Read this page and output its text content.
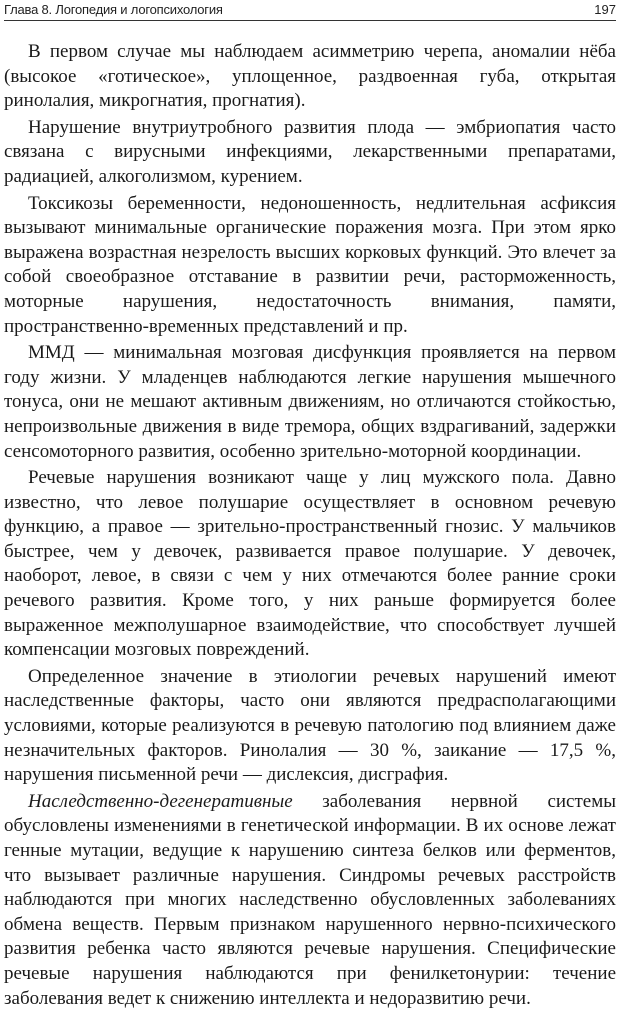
Глава 8. Логопедия и логопсихология	197

В первом случае мы наблюдаем асимметрию черепа, аномалии нёба (высокое «готическое», уплощенное, раздвоенная губа, открытая ринолалия, микрогнатия, прогнатия).

Нарушение внутриутробного развития плода — эмбриопатия часто связана с вирусными инфекциями, лекарственными препаратами, радиацией, алкоголизмом, курением.

Токсикозы беременности, недоношенность, недлительная асфиксия вызывают минимальные органические поражения мозга. При этом ярко выражена возрастная незрелость высших корковых функций. Это влечет за собой своеобразное отставание в развитии речи, расторможенность, моторные нарушения, недостаточность внимания, памяти, пространственно-временных представлений и пр.

ММД — минимальная мозговая дисфункция проявляется на первом году жизни. У младенцев наблюдаются легкие нарушения мышечного тонуса, они не мешают активным движениям, но отличаются стойкостью, непроизвольные движения в виде тремора, общих вздрагиваний, задержки сенсомоторного развития, особенно зрительно-моторной координации.

Речевые нарушения возникают чаще у лиц мужского пола. Давно известно, что левое полушарие осуществляет в основном речевую функцию, а правое — зрительно-пространственный гнозис. У мальчиков быстрее, чем у девочек, развивается правое полушарие. У девочек, наоборот, левое, в связи с чем у них отмечаются более ранние сроки речевого развития. Кроме того, у них раньше формируется более выраженное межполушарное взаимодействие, что способствует лучшей компенсации мозговых повреждений.

Определенное значение в этиологии речевых нарушений имеют наследственные факторы, часто они являются предрасполагающими условиями, которые реализуются в речевую патологию под влиянием даже незначительных факторов. Ринолалия — 30 %, заикание — 17,5 %, нарушения письменной речи — дислексия, дисграфия.

Наследственно-дегенеративные заболевания нервной системы обусловлены изменениями в генетической информации. В их основе лежат генные мутации, ведущие к нарушению синтеза белков или ферментов, что вызывает различные нарушения. Синдромы речевых расстройств наблюдаются при многих наследственно обусловленных заболеваниях обмена веществ. Первым признаком нарушенного нервно-психического развития ребенка часто являются речевые нарушения. Специфические речевые нарушения наблюдаются при фенилкетонурии: течение заболевания ведет к снижению интеллекта и недоразвитию речи.
